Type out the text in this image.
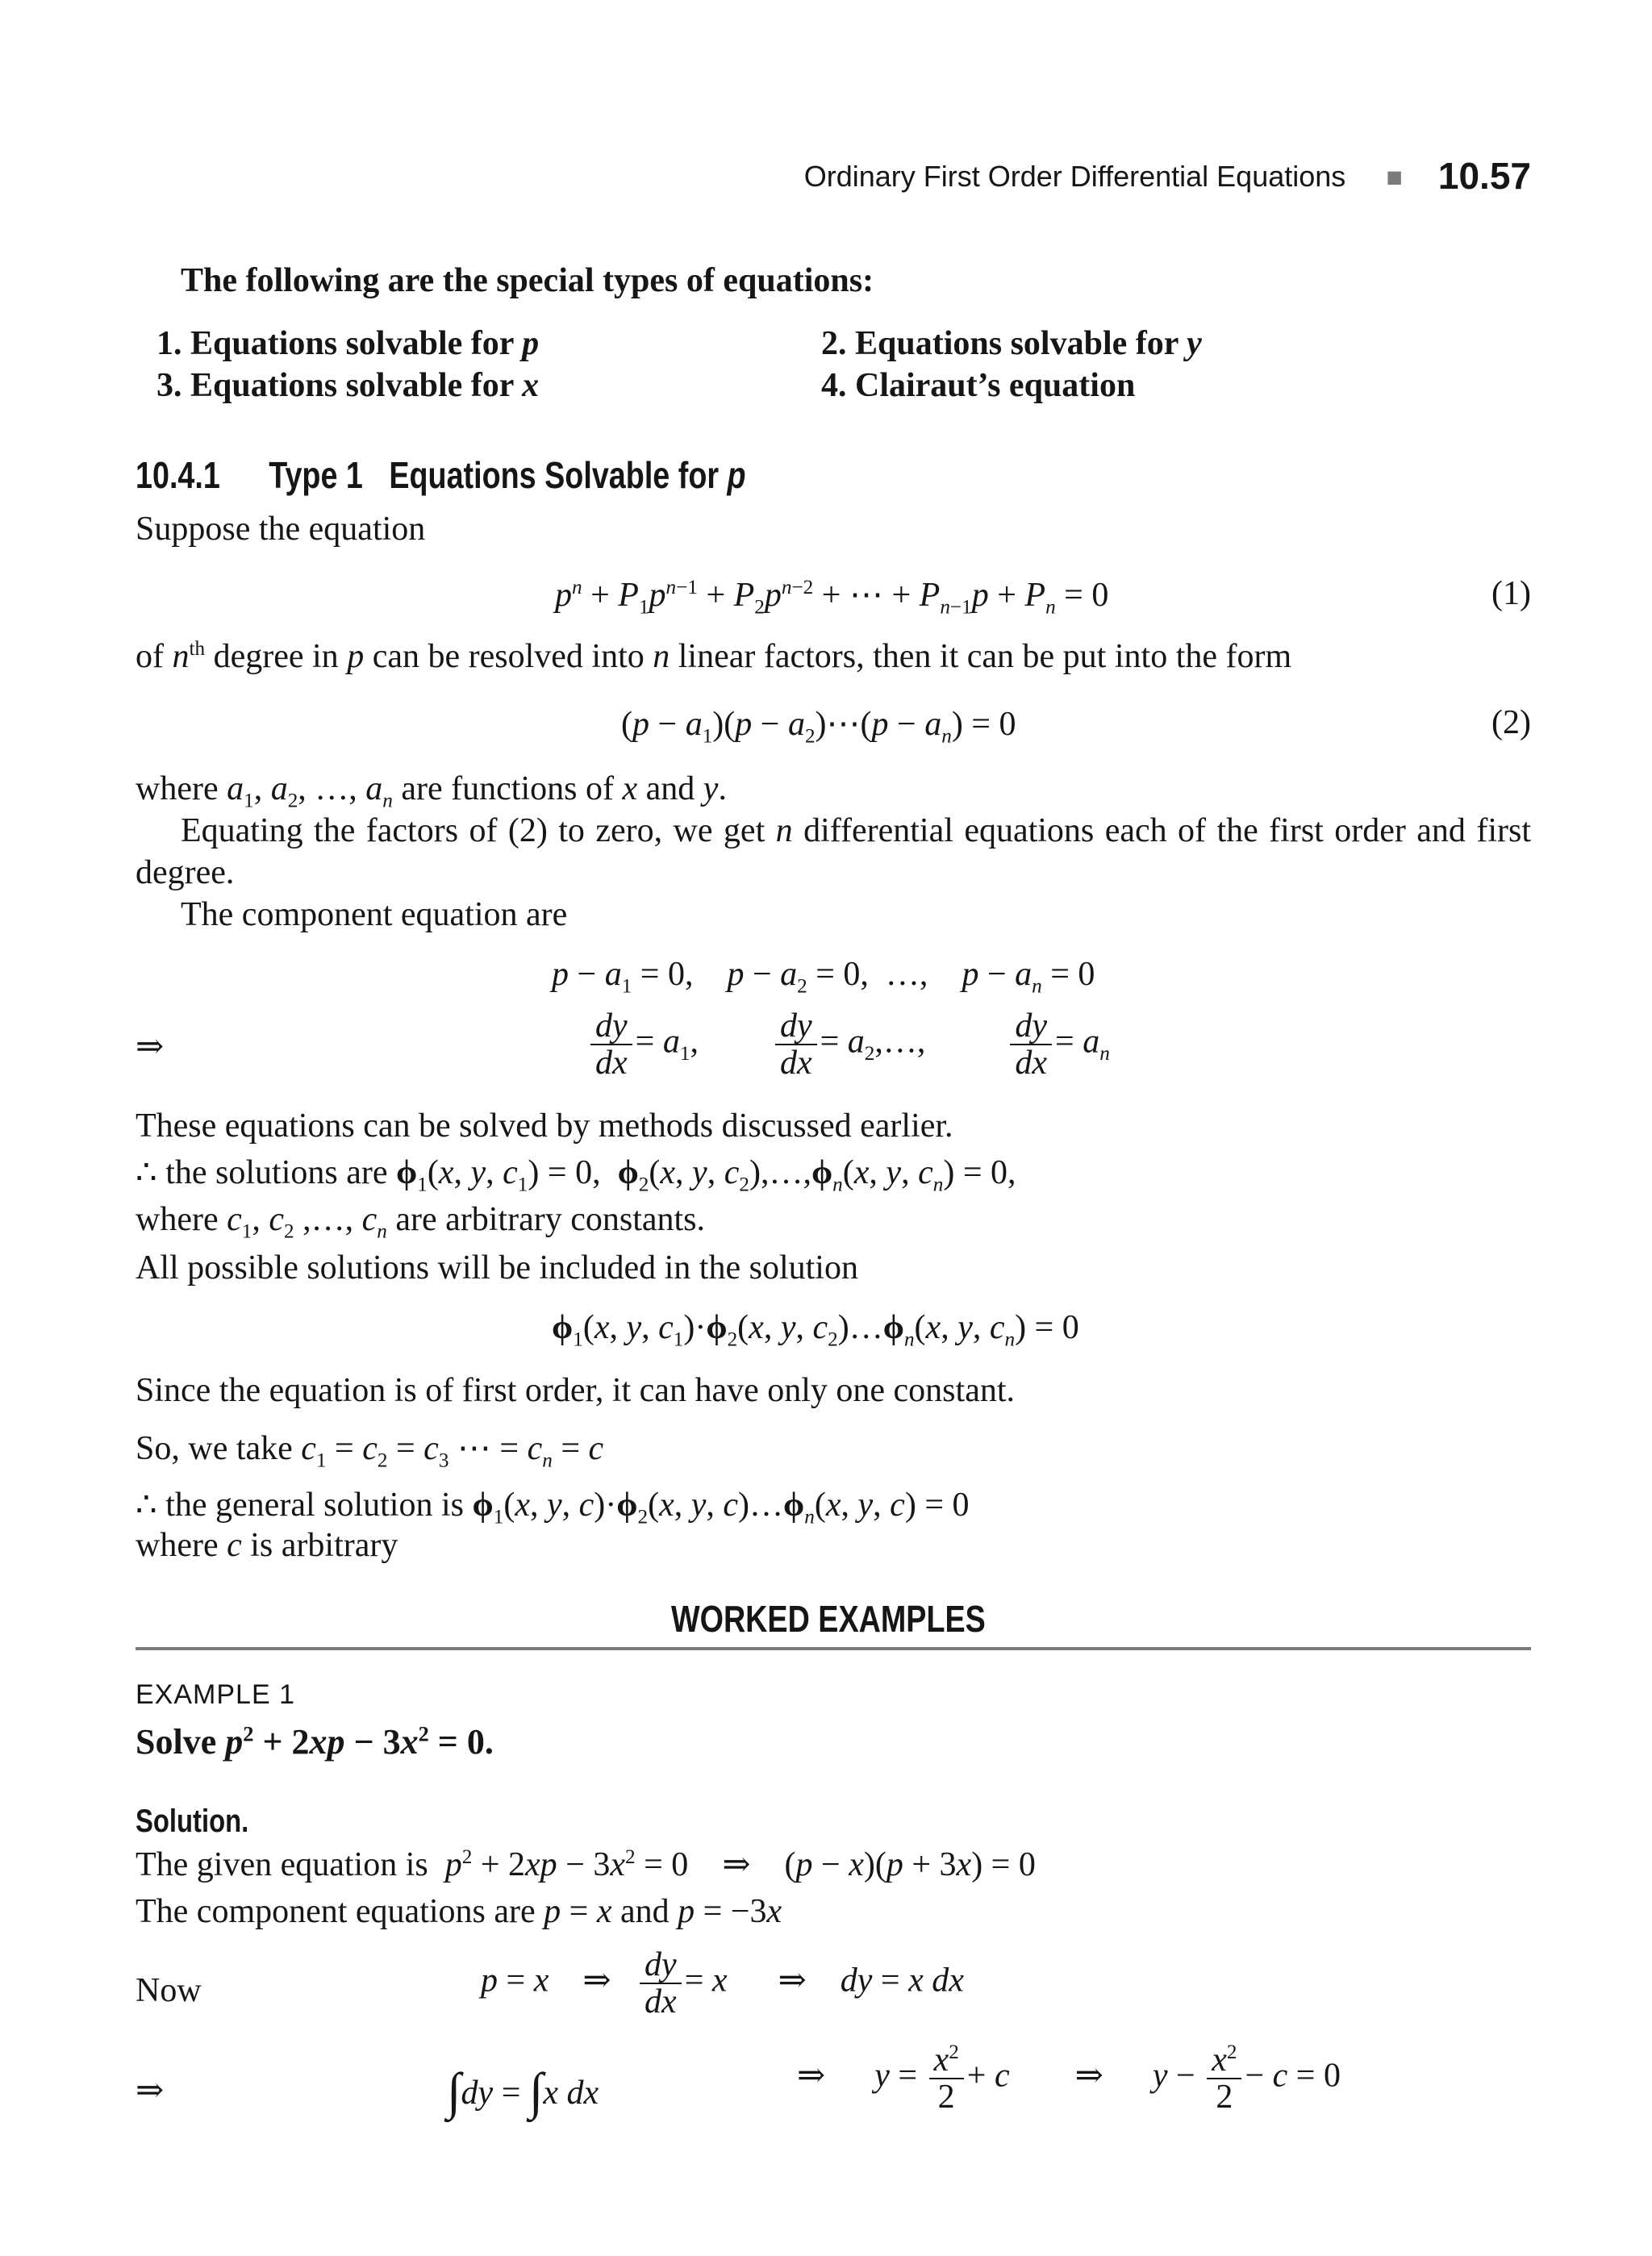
Ordinary First Order Differential Equations ■ 10.57
The following are the special types of equations:
1. Equations solvable for p	2. Equations solvable for y
3. Equations solvable for x	4. Clairaut’s equation
10.4.1 Type 1 Equations Solvable for p
Suppose the equation
$p^n + P_1p^{n-1} + P_2p^{n-2}$ + ⋯ + $P_{n-1}p + P_n = 0$	(1)
of $n^{th}$ degree in p can be resolved into n linear factors, then it can be put into the form
$(p - a_1)(p$ − $a_2)\cdots(p - a_n) = 0$	(2)
where $a_1$, $a_2$, …, $a_n$ are functions of x and y.
Equating the factors of (2) to zero, we get n differential equations each of the first order and first
degree.
The component equation are
$p - a_1 = 0$,    $p - a_2 = 0$,  …,    $p - a_n = 0$
⇒	$\frac{dy}{dx} = a_1$, $\frac{dy}{dx}$ = $a_2,\dots$, $\frac{dy}{dx} = a_n$
These equations can be solved by methods discussed earlier.
∴ the solutions are $\phi_1(x$, y, $c_1) = 0$,  $\phi_2(x$, y, $c_2),\dots,\phi_n(x$, y, $c_n) = 0$,
where $c_1$, $c_2$ ,…, $c_n$ are arbitrary constants.
All possible solutions will be included in the solution
$\phi_1(x$, y, $c_1)\cdot\phi_2(x$, y, $c_2)\dots\phi_n(x$, y, $c_n) = 0$
Since the equation is of first order, it can have only one constant.
So, we take $c_1 = c_2 = c_3$ ⋯ = $c_n = c$
∴ the general solution is $\phi_1(x$, y, $c)\cdot\phi_2(x$, y, $c)\dots\phi_n(x$, y, c) = 0
where c is arbitrary
WORKED EXAMPLES
EXAMPLE 1
Solve $p^2 + 2xp - 3x^2 = 0$.
Solution.
The given equation is $p^2 + 2xp - 3x^2 = 0$    ⇒    (p − x)(p + 3x) = 0
The component equations are p = x and p = −3x
Now	p = x ⇒ $\frac{dy}{dx} = x$ ⇒ dy = x dx
⇒	∫dy = ∫x dx	⇒ $y = \frac{x^2}{2} + c$ ⇒ $y - \frac{x^2}{2} - c = 0$
